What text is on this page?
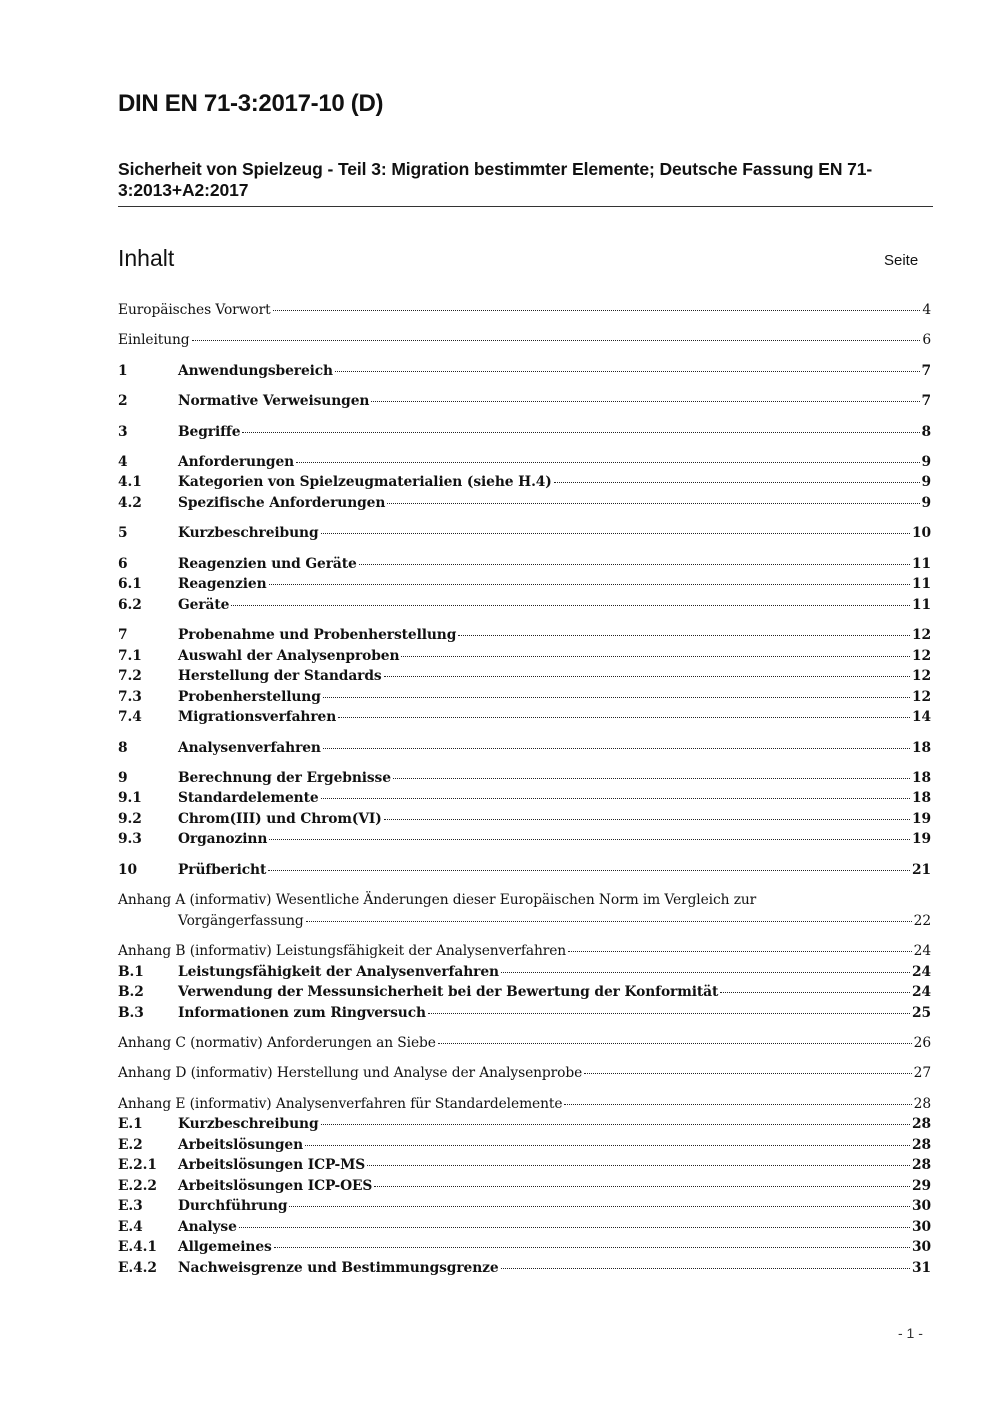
DIN EN 71-3:2017-10 (D)
Sicherheit von Spielzeug - Teil 3: Migration bestimmter Elemente; Deutsche Fassung EN 71-3:2013+A2:2017
Inhalt	Seite
Europäisches Vorwort	4
Einleitung	6
1	Anwendungsbereich	7
2	Normative Verweisungen	7
3	Begriffe	8
4	Anforderungen	9
4.1	Kategorien von Spielzeugmaterialien (siehe H.4)	9
4.2	Spezifische Anforderungen	9
5	Kurzbeschreibung	10
6	Reagenzien und Geräte	11
6.1	Reagenzien	11
6.2	Geräte	11
7	Probenahme und Probenherstellung	12
7.1	Auswahl der Analysenproben	12
7.2	Herstellung der Standards	12
7.3	Probenherstellung	12
7.4	Migrationsverfahren	14
8	Analysenverfahren	18
9	Berechnung der Ergebnisse	18
9.1	Standardelemente	18
9.2	Chrom(III) und Chrom(VI)	19
9.3	Organozinn	19
10	Prüfbericht	21
Anhang A (informativ) Wesentliche Änderungen dieser Europäischen Norm im Vergleich zur
Vorgängerfassung	22
Anhang B (informativ) Leistungsfähigkeit der Analysenverfahren	24
B.1	Leistungsfähigkeit der Analysenverfahren	24
B.2	Verwendung der Messunsicherheit bei der Bewertung der Konformität	24
B.3	Informationen zum Ringversuch	25
Anhang C (normativ) Anforderungen an Siebe	26
Anhang D (informativ) Herstellung und Analyse der Analysenprobe	27
Anhang E (informativ) Analysenverfahren für Standardelemente	28
E.1	Kurzbeschreibung	28
E.2	Arbeitslösungen	28
E.2.1	Arbeitslösungen ICP-MS	28
E.2.2	Arbeitslösungen ICP-OES	29
E.3	Durchführung	30
E.4	Analyse	30
E.4.1	Allgemeines	30
E.4.2	Nachweisgrenze und Bestimmungsgrenze	31
- 1 -
